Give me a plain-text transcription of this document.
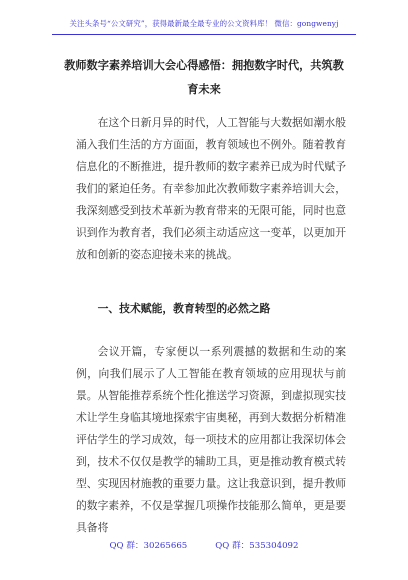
关注头条号“公文研究”，获得最新最全最专业的公文资料库！ 微信：gongwenyj
教师数字素养培训大会心得感悟：拥抱数字时代，共筑教育未来
在这个日新月异的时代，人工智能与大数据如潮水般涌入我们生活的方方面面，教育领域也不例外。随着教育信息化的不断推进，提升教师的数字素养已成为时代赋予我们的紧迫任务。有幸参加此次教师数字素养培训大会，我深刻感受到技术革新为教育带来的无限可能，同时也意识到作为教育者，我们必须主动适应这一变革，以更加开放和创新的姿态迎接未来的挑战。
一、技术赋能，教育转型的必然之路
会议开篇，专家便以一系列震撼的数据和生动的案例，向我们展示了人工智能在教育领域的应用现状与前景。从智能推荐系统个性化推送学习资源，到虚拟现实技术让学生身临其境地探索宇宙奥秘，再到大数据分析精准评估学生的学习成效，每一项技术的应用都让我深切体会到，技术不仅仅是教学的辅助工具，更是推动教育模式转型、实现因材施教的重要力量。这让我意识到，提升教师的数字素养，不仅是掌握几项操作技能那么简单，更是要具备将
QQ 群：30265665	QQ 群：535304092
